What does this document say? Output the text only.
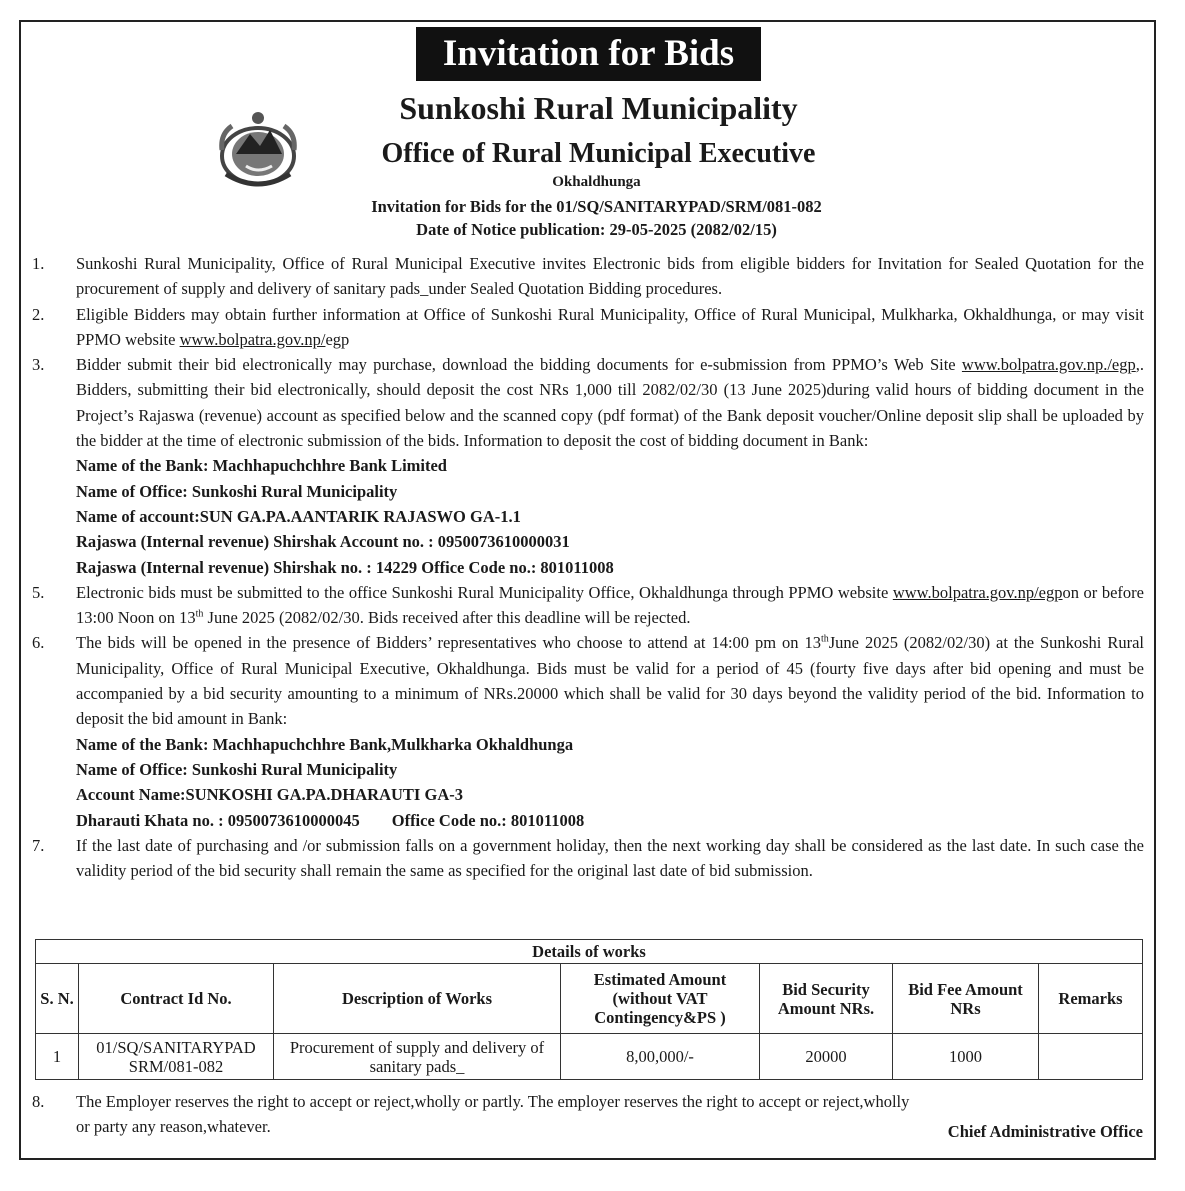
Invitation for Bids
Sunkoshi Rural Municipality
Office of Rural Municipal Executive
Okhaldhunga
Invitation for Bids for the 01/SQ/SANITARYPAD/SRM/081-082
Date of Notice publication: 29-05-2025 (2082/02/15)
1. Sunkoshi Rural Municipality, Office of Rural Municipal Executive invites Electronic bids from eligible bidders for Invitation for Sealed Quotation for the procurement of supply and delivery of sanitary pads_under Sealed Quotation Bidding procedures.
2. Eligible Bidders may obtain further information at Office of Sunkoshi Rural Municipality, Office of Rural Municipal, Mulkharka, Okhaldhunga, or may visit PPMO website www.bolpatra.gov.np/egp
3. Bidder submit their bid electronically may purchase, download the bidding documents for e-submission from PPMO’s Web Site www.bolpatra.gov.np./egp,. Bidders, submitting their bid electronically, should deposit the cost NRs 1,000 till 2082/02/30 (13 June 2025)during valid hours of bidding document in the Project’s Rajaswa (revenue) account as specified below and the scanned copy (pdf format) of the Bank deposit voucher/Online deposit slip shall be uploaded by the bidder at the time of electronic submission of the bids. Information to deposit the cost of bidding document in Bank:
Name of the Bank: Machhapuchchhre Bank Limited
Name of Office: Sunkoshi Rural Municipality
Name of account:SUN GA.PA.AANTARIK RAJASWO GA-1.1
Rajaswa (Internal revenue) Shirshak Account no. : 0950073610000031
Rajaswa (Internal revenue) Shirshak no. : 14229 Office Code no.: 801011008
5. Electronic bids must be submitted to the office Sunkoshi Rural Municipality Office, Okhaldhunga through PPMO website www.bolpatra.gov.np/egpon or before 13:00 Noon on 13th June 2025 (2082/02/30. Bids received after this deadline will be rejected.
6. The bids will be opened in the presence of Bidders’ representatives who choose to attend at 14:00 pm on 13thJune 2025 (2082/02/30) at the Sunkoshi Rural Municipality, Office of Rural Municipal Executive, Okhaldhunga. Bids must be valid for a period of 45 (fourty five days after bid opening and must be accompanied by a bid security amounting to a minimum of NRs.20000 which shall be valid for 30 days beyond the validity period of the bid. Information to deposit the bid amount in Bank:
Name of the Bank: Machhapuchchhre Bank,Mulkharka Okhaldhunga
Name of Office: Sunkoshi Rural Municipality
Account Name:SUNKOSHI GA.PA.DHARAUTI GA-3
Dharauti Khata no. : 0950073610000045 Office Code no.: 801011008
7. If the last date of purchasing and /or submission falls on a government holiday, then the next working day shall be considered as the last date. In such case the validity period of the bid security shall remain the same as specified for the original last date of bid submission.
Details of works						
S. N.	Contract Id No.	Description of Works	Estimated Amount (without VAT Contingency&PS )	Bid Security Amount NRs.	Bid Fee Amount NRs	Remarks
1	01/SQ/SANITARYPAD SRM/081-082	Procurement of supply and delivery of sanitary pads_	8,00,000/-	20000	1000	
8. The Employer reserves the right to accept or reject,wholly or partly. The employer reserves the right to accept or reject,wholly or party any reason,whatever.	Chief Administrative Office
